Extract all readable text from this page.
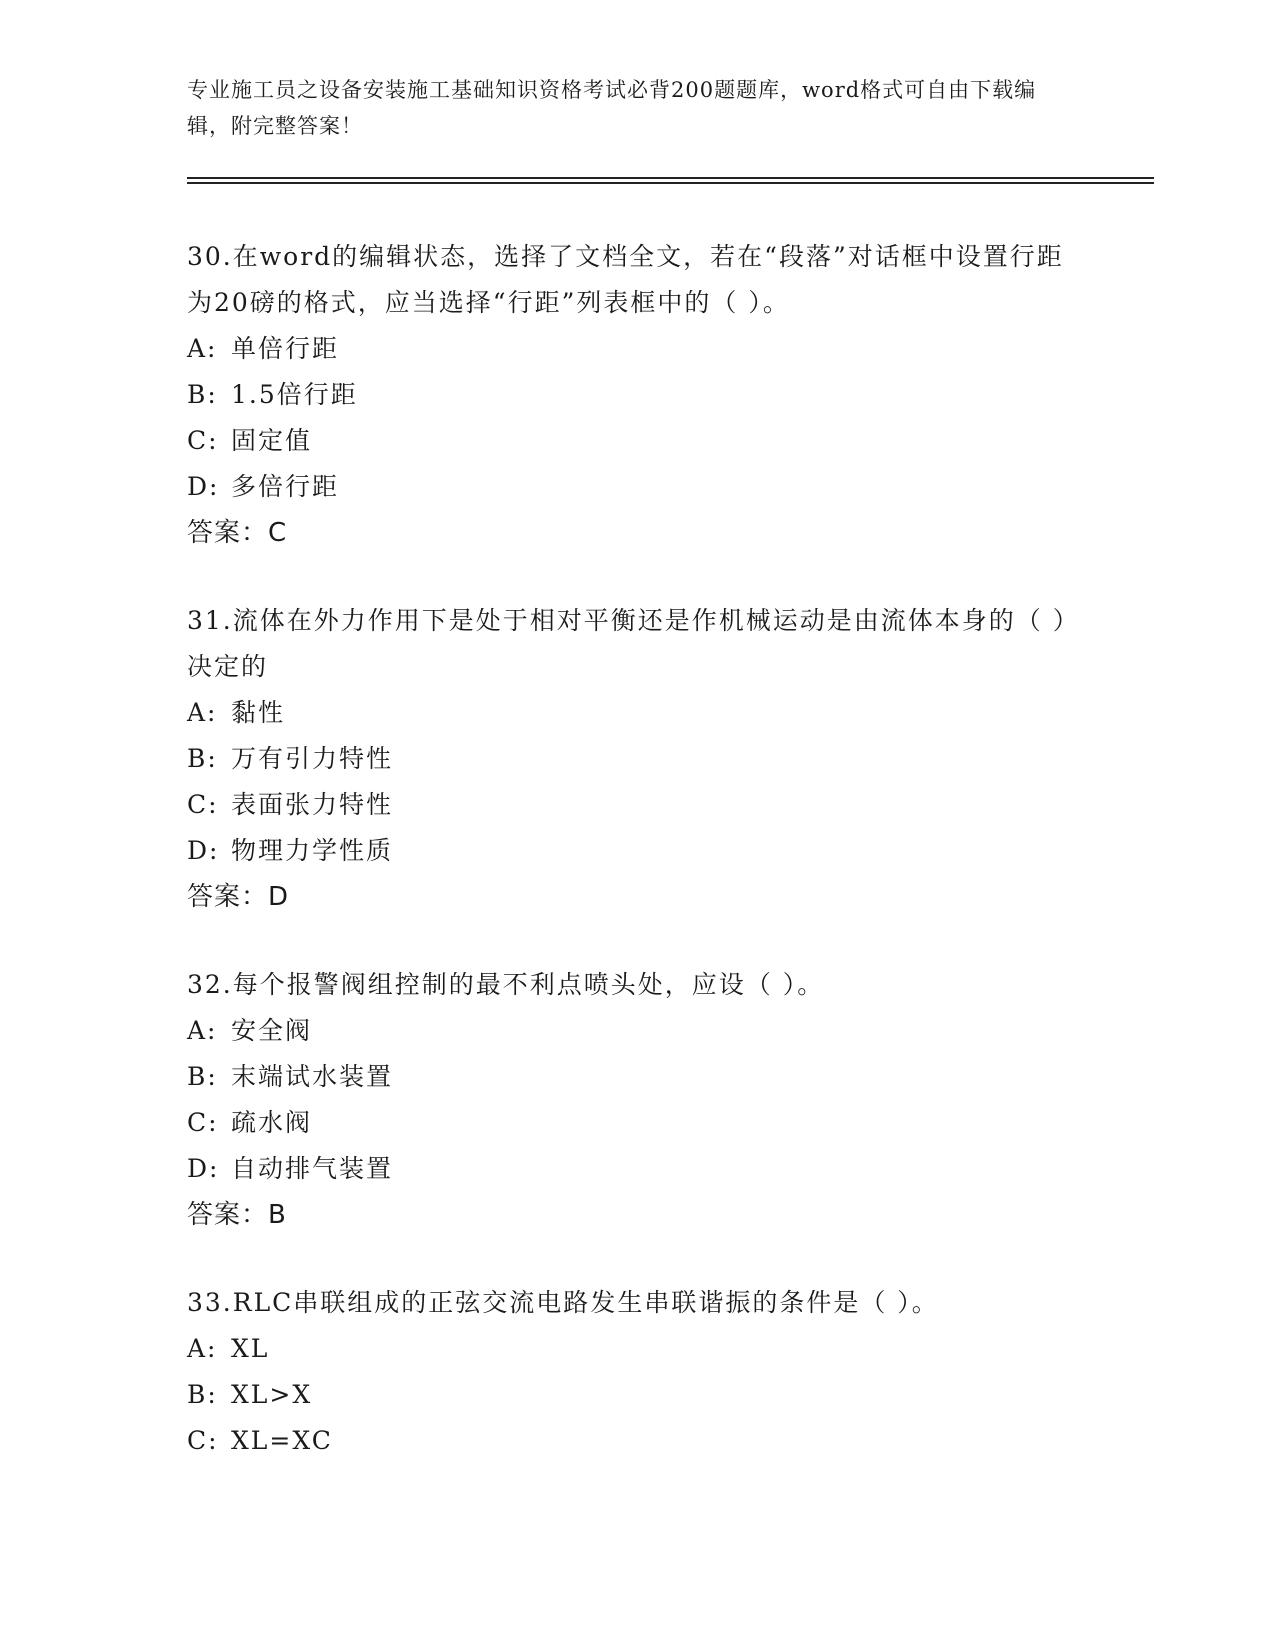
专业施工员之设备安装施工基础知识资格考试必背200题题库，word格式可自由下载编辑，附完整答案！
30.在word的编辑状态，选择了文档全文，若在“段落”对话框中设置行距为20磅的格式，应当选择“行距”列表框中的（ ）。
A: 单倍行距
B: 1.5倍行距
C: 固定值
D: 多倍行距
答案：C
31.流体在外力作用下是处于相对平衡还是作机械运动是由流体本身的（ ）决定的
A: 黏性
B: 万有引力特性
C: 表面张力特性
D: 物理力学性质
答案：D
32.每个报警阀组控制的最不利点喷头处，应设（ ）。
A: 安全阀
B: 末端试水装置
C: 疏水阀
D: 自动排气装置
答案：B
33.RLC串联组成的正弦交流电路发生串联谐振的条件是（ ）。
A: XL
B: XL>X
C: XL=XC
